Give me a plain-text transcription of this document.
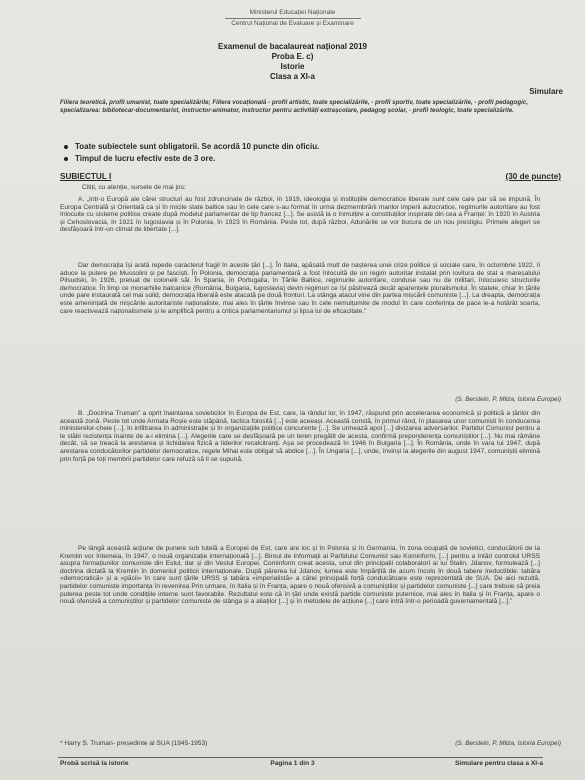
Ministerul Educației Naționale
Centrul Național de Evaluare și Examinare
Examenul de bacalaureat național 2019
Proba E. c)
Istorie
Clasa a XI-a
Simulare
Filiera teoretică, profil umanist, toate specializările; Filiera vocațională - profil artistic, toate specializările, - profil sportiv, toate specializările, - profil pedagogic, specializarea: bibliotecar-documentarist, instructor-animator, instructor pentru activități extrașcolare, pedagog școlar, - profil teologic, toate specializările.
Toate subiectele sunt obligatorii. Se acordă 10 puncte din oficiu.
Timpul de lucru efectiv este de 3 ore.
SUBIECTUL I	(30 de puncte)
Citiți, cu atenție, sursele de mai jos:
A. „Intr-o Europă ale cărei structuri au fost zdruncinate de război, în 1919, ideologia și instituțiile democratice liberale sunt cele care par să se impună. În Europa Centrală și Orientală ca și în micile state baltice sau în cele care s-au format în urma dezmembrării marilor imperii autocratice, regimurile autoritare au fost înlocuite cu sisteme politice create după modelul parlamentar de tip francez [...]. Se asistă la o înmulțire a constituțiilor inspirate din cea a Franței: în 1920 în Austria și Cehoslovacia, în 1921 în Iugoslavia și în Polonia, în 1923 în România. Peste tot, după război, Adunările se vor bucura de un nou prestigiu. Primele alegeri se desfășoară într-un climat de libertate [...].
Dar democrația își arată repede caracterul fragil în aceste țări [...]. În Italia, apăsată mult de nașterea unei crize politice și sociale care, în octombrie 1922, îi aduce la putere pe Mussolini și pe fasciști. În Polonia, democrația parlamentară a fost înlocuită de un regim autoritar instalat prin lovitura de stat a mareșalului Pilsudski, în 1926, preluat de colonelii săi. În Spania, în Portugalia, în Țările Baltice, regimurile autoritare, conduse sau nu de militari, înlocuiesc structurile democratice. În timp ce monarhiile balcanice (România, Bulgaria, Iugoslavia) devin regimuri ce își păstrează decât aparențele pluralismului. În statele, chiar în țările unde pare instaurată cel mai solid, democrația liberală este atacată pe două fronturi. La stânga atacul vine din partea mișcării comuniste [...]. La dreapta, democrația este amenințată de mișcările autoritariste naționaliste, mai ales în țările învinse sau în cele nemulțumite de modul în care conferința de pace le-a hotărât soarta, care reactivează naționalismele și le amplifică pentru a critica parlamentarismul și lipsa lui de eficacitate.”
(S. Berstein, P. Milza, Istoria Europei)
B. „Doctrina Truman” a oprit înaintarea sovieticilor în Europa de Est, care, la rândul lor, în 1947, răspund prin accelerarea economică și politică a țărilor din această zonă. Peste tot unde Armata Roșie este stăpână, tactica folosită [...] este aceeași. Această constă, în primul rând, în plasarea unor comuniști în conducerea ministerelor-cheie [...], în infiltrarea în administrație și în organizațiile politice concurente [...]. Se urmează apoi [...] divizarea adversarilor. Partidul Comunist pentru a le slăbi rezistența înainte de a-i elimina [...]. Alegerile care se desfășoară pe un teren pregătit de acesta, confirmă preponderența comuniștilor [...]. Nu mai rămâne decât, să se treacă la arestarea și lichidarea fizică a liderilor recalcitranți. Așa se procedează în 1946 în Bulgaria [...]. În România, unde în vara lui 1947, după arestarea conducătorilor partidelor democratice, regele Mihai este obligat să abdice [...]. În Ungaria [...], unde, învinși la alegerile din august 1947, comuniștii elimină prin forță pe toți membrii partidelor care refuză să li se supună.
Pe lângă această acțiune de punere sub tutelă a Europei de Est, care are loc și în Polonia și în Germania, în zona ocupată de sovietici, conducătorii de la Kremlin vor întemeia, în 1947, o nouă organizație internațională [...]. Biroul de Informații al Partidului Comunist sau Kominform, [...] pentru a întări controlul URSS asupra formațiunilor comuniste din Estul, dar și din Vestul Europei. Cominform creat acesta, unul din principalii colaboratori ai lui Stalin, Jdanov, formulează [...] doctrina dictată la Kremlin în domeniul politicii internaționale. După părerea lui Jdanov, lumea este împărțită de acum încolo în două tabere ireductibile: tabăra «democratică» și a «păcii» în care sunt țările URSS și tabăra «imperialistă» a cărei principală forță conducătoare este reprezentată de SUA. De aici rezultă, partidelor comuniste importanța în revenirea Prin urmare, în Italia și în Franța, apare o nouă ofensivă a comuniștilor și partidelor comuniste [...] care trebuie să preia puterea peste tot unde condițiile interne sunt favorabile. Rezultatul este că în țări unde există partide comuniste puternice, mai ales în Italia și în Franța, apare o nouă ofensivă a comuniștilor și partidelor comuniste de stânga și a aliaților [...] și în metodele de acțiune [...] care intră într-o perioadă guvernamentală [...].”
* Harry S. Truman- președinte al SUA (1945-1953)	(S. Berstein, P. Milza, Istoria Europei)
Probă scrisă la istorie	Pagina 1 din 3	Simulare pentru clasa a XI-a
